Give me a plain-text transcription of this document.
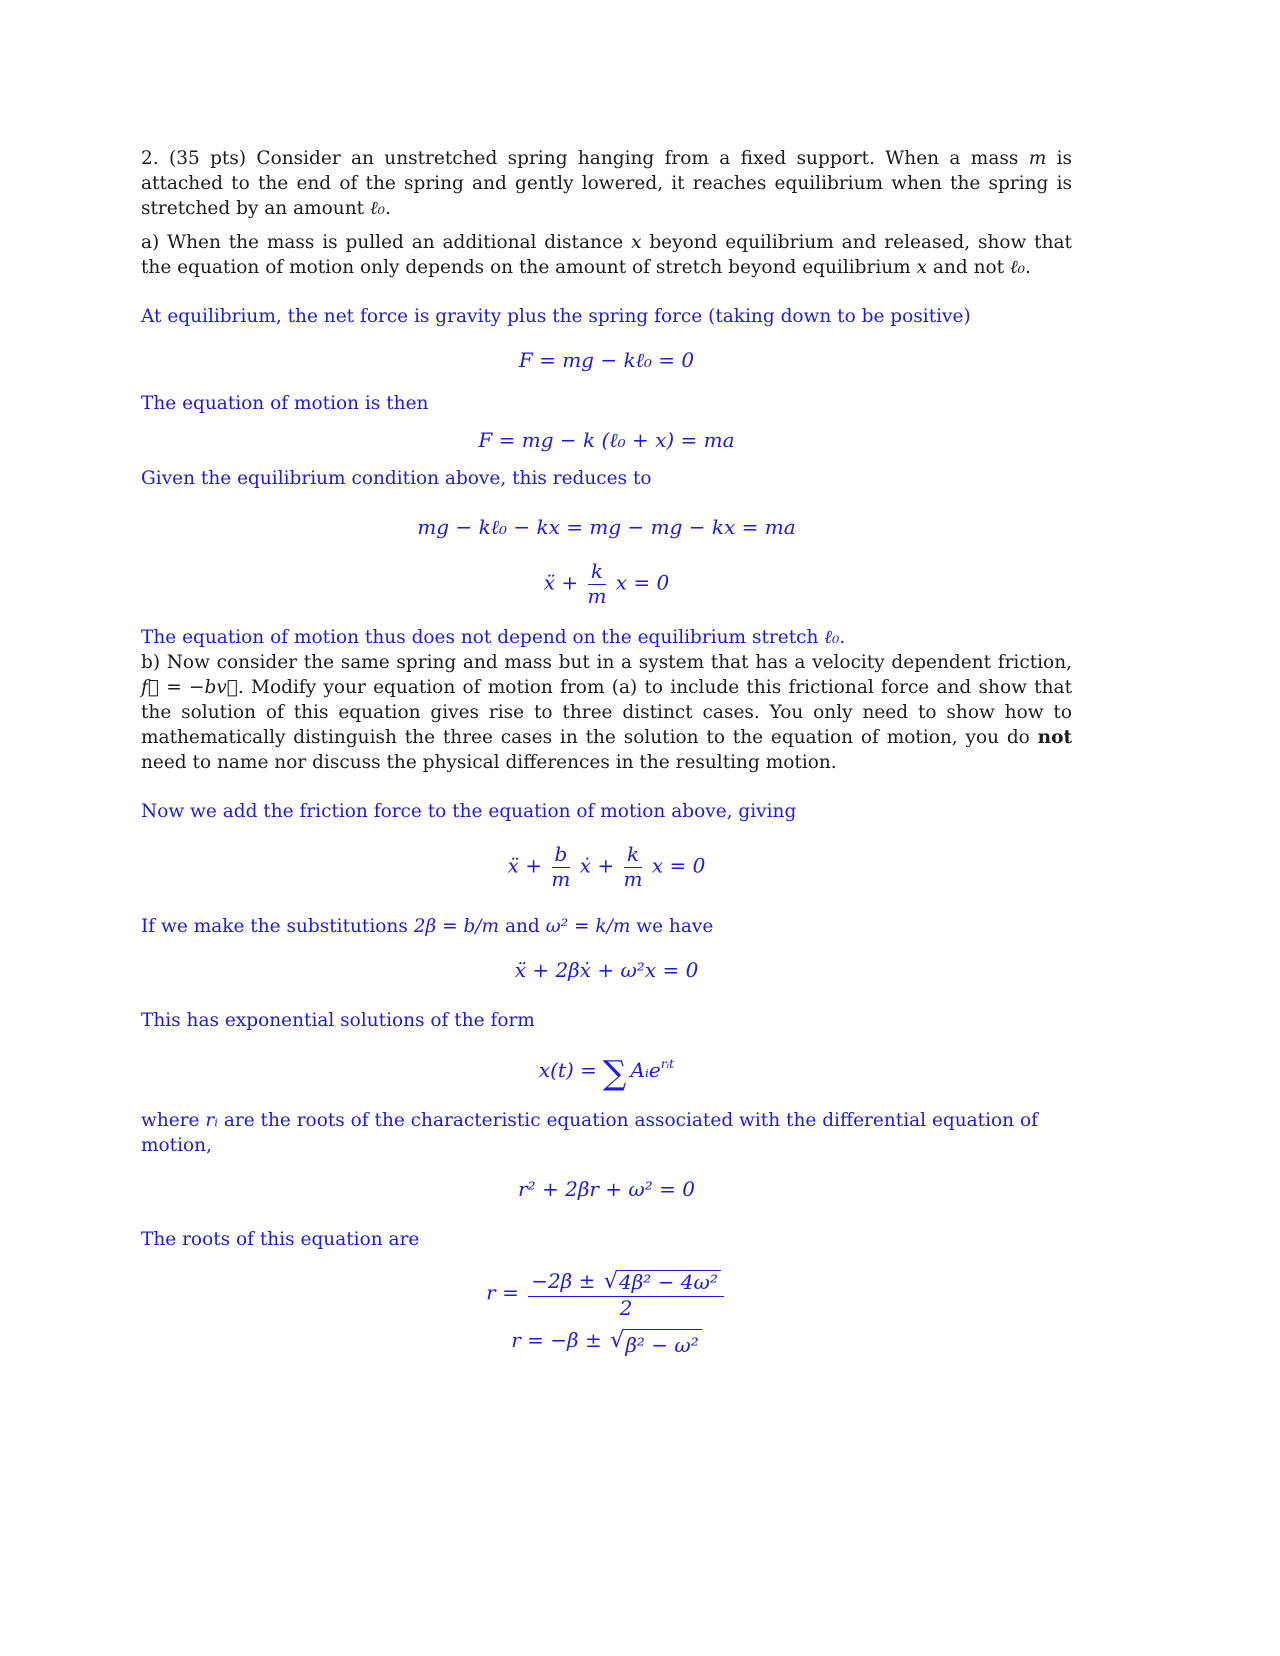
2. (35 pts) Consider an unstretched spring hanging from a fixed support. When a mass m is attached to the end of the spring and gently lowered, it reaches equilibrium when the spring is stretched by an amount ℓ₀.

a) When the mass is pulled an additional distance x beyond equilibrium and released, show that the equation of motion only depends on the amount of stretch beyond equilibrium x and not ℓ₀.

At equilibrium, the net force is gravity plus the spring force (taking down to be positive)

F = mg − kℓ₀ = 0

The equation of motion is then

F = mg − k (ℓ₀ + x) = ma

Given the equilibrium condition above, this reduces to

mg − kℓ₀ − kx = mg − mg − kx = ma
ẍ + $\frac{k}{m}$ x = 0

The equation of motion thus does not depend on the equilibrium stretch ℓ₀.

b) Now consider the same spring and mass but in a system that has a velocity dependent friction, f⃗ = −bv⃗. Modify your equation of motion from (a) to include this frictional force and show that the solution of this equation gives rise to three distinct cases. You only need to show how to mathematically distinguish the three cases in the solution to the equation of motion, you do not need to name nor discuss the physical differences in the resulting motion.

Now we add the friction force to the equation of motion above, giving

ẍ + $\frac{b}{m}$ ẋ + $\frac{k}{m}$ x = 0

If we make the substitutions 2β = b/m and ω² = k/m we have

ẍ + 2βẋ + ω²x = 0

This has exponential solutions of the form

x(t) = ∑ Aᵢe$^{rᵢt}$

where rᵢ are the roots of the characteristic equation associated with the differential equation of motion,

r² + 2βr + ω² = 0

The roots of this equation are

$r = \frac{\text{−2β ± √ 4β² − 4ω²}}{2}$
r = −β ± √ β² − ω²
